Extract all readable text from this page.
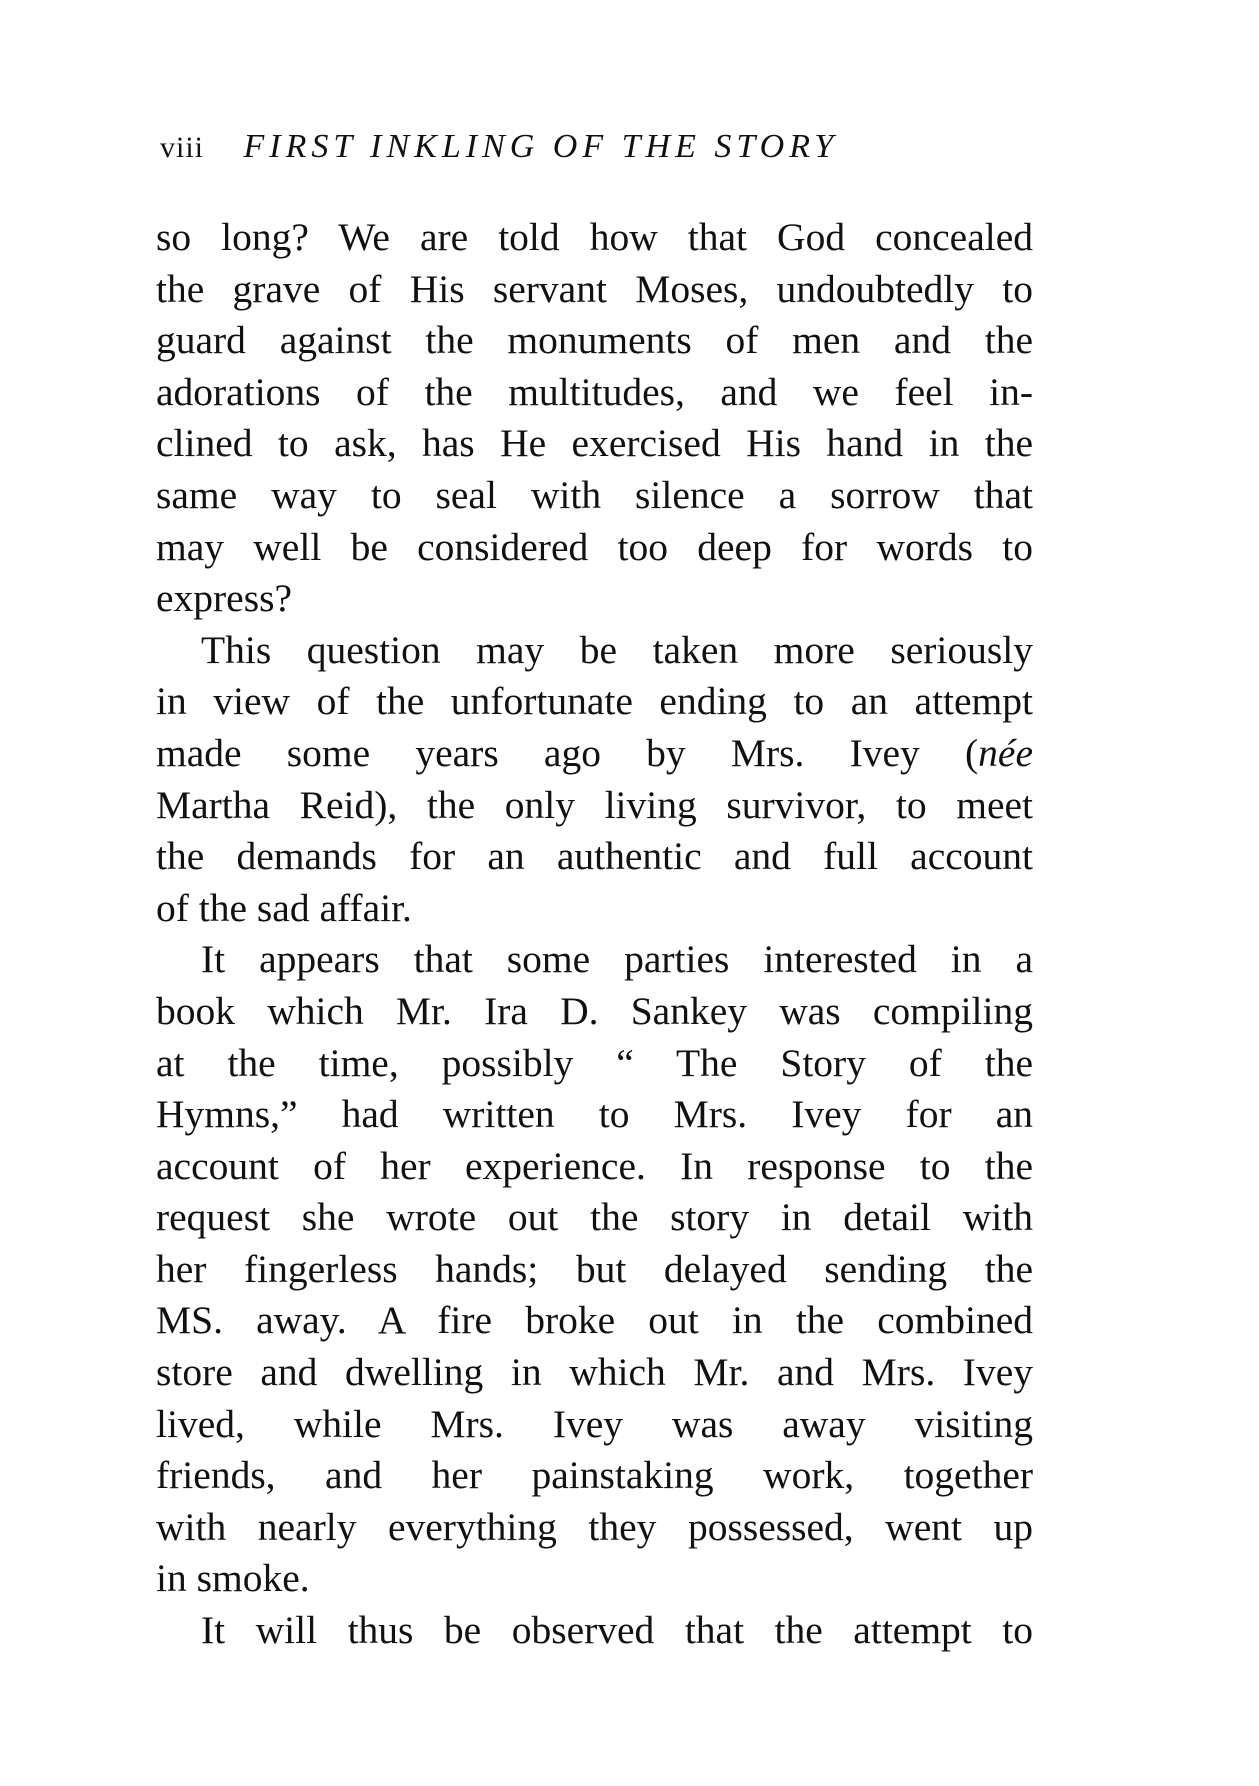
viii FIRST INKLING OF THE STORY

so long? We are told how that God concealed
the grave of His servant Moses, undoubtedly to
guard against the monuments of men and the
adorations of the multitudes, and we feel in-
clined to ask, has He exercised His hand in the
same way to seal with silence a sorrow that
may well be considered too deep for words to
express?

This question may be taken more seriously
in view of the unfortunate ending to an attempt
made some years ago by Mrs. Ivey (née
Martha Reid), the only living survivor, to meet
the demands for an authentic and full account
of the sad affair.

It appears that some parties interested in a
book which Mr. Ira D. Sankey was compiling
at the time, possibly “ The Story of the
Hymns,” had written to Mrs. Ivey for an
account of her experience. In response to the
request she wrote out the story in detail with
her fingerless hands; but delayed sending the
MS. away. A fire broke out in the combined
store and dwelling in which Mr. and Mrs. Ivey
lived, while Mrs. Ivey was away visiting
friends, and her painstaking work, together
with nearly everything they possessed, went up
in smoke.

It will thus be observed that the attempt to
